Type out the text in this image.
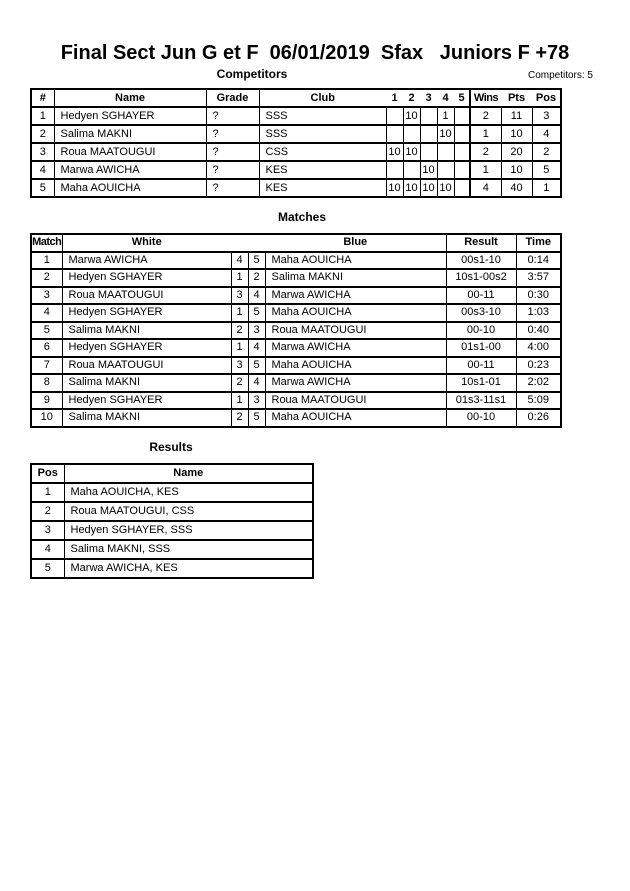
Final Sect Jun G et F  06/01/2019  Sfax   Juniors F +78
Competitors	Competitors: 5
#	Name	Grade	Club	1	2	3	4	5	Wins	Pts	Pos
1	Hedyen SGHAYER	?	SSS		10		1		2	11	3
2	Salima MAKNI	?	SSS				10		1	10	4
3	Roua MAATOUGUI	?	CSS	10	10				2	20	2
4	Marwa AWICHA	?	KES			10			1	10	5
5	Maha AOUICHA	?	KES	10	10	10	10		4	40	1
Matches
Match	White			Blue	Result	Time
1	Marwa AWICHA	4	5	Maha AOUICHA	00s1-10	0:14
2	Hedyen SGHAYER	1	2	Salima MAKNI	10s1-00s2	3:57
3	Roua MAATOUGUI	3	4	Marwa AWICHA	00-11	0:30
4	Hedyen SGHAYER	1	5	Maha AOUICHA	00s3-10	1:03
5	Salima MAKNI	2	3	Roua MAATOUGUI	00-10	0:40
6	Hedyen SGHAYER	1	4	Marwa AWICHA	01s1-00	4:00
7	Roua MAATOUGUI	3	5	Maha AOUICHA	00-11	0:23
8	Salima MAKNI	2	4	Marwa AWICHA	10s1-01	2:02
9	Hedyen SGHAYER	1	3	Roua MAATOUGUI	01s3-11s1	5:09
10	Salima MAKNI	2	5	Maha AOUICHA	00-10	0:26
Results
Pos	Name
1	Maha AOUICHA, KES
2	Roua MAATOUGUI, CSS
3	Hedyen SGHAYER, SSS
4	Salima MAKNI, SSS
5	Marwa AWICHA, KES
